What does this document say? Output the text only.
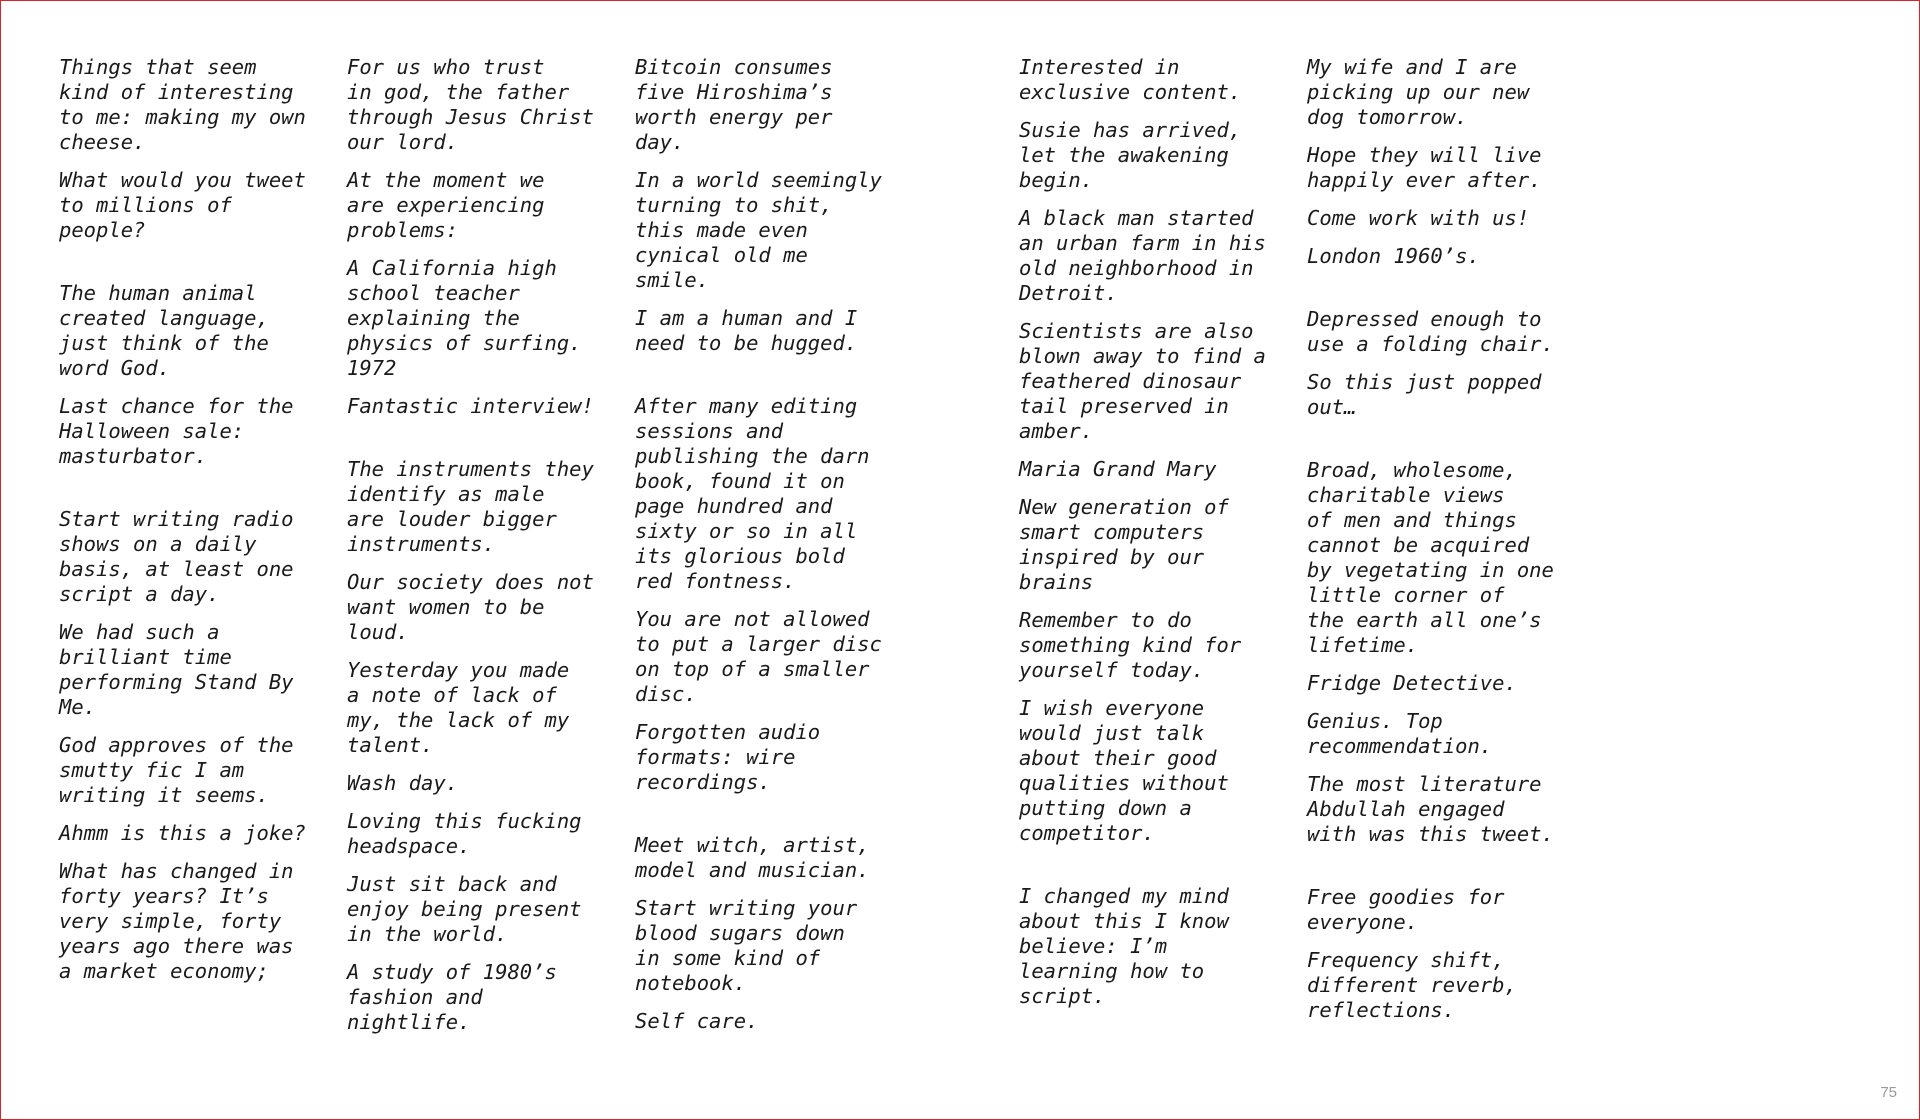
Things that seem
kind of interesting
to me: making my own
cheese.

What would you tweet
to millions of
people?

The human animal
created language,
just think of the
word God.

Last chance for the
Halloween sale:
masturbator.

Start writing radio
shows on a daily
basis, at least one
script a day.

We had such a
brilliant time
performing Stand By
Me.

God approves of the
smutty fic I am
writing it seems.

Ahmm is this a joke?

What has changed in
forty years? It’s
very simple, forty
years ago there was
a market economy;

For us who trust
in god, the father
through Jesus Christ
our lord.

At the moment we
are experiencing
problems:

A California high
school teacher
explaining the
physics of surfing.
1972

Fantastic interview!

The instruments they
identify as male
are louder bigger
instruments.

Our society does not
want women to be
loud.

Yesterday you made
a note of lack of
my, the lack of my
talent.

Wash day.

Loving this fucking
headspace.

Just sit back and
enjoy being present
in the world.

A study of 1980’s
fashion and
nightlife.

Bitcoin consumes
five Hiroshima’s
worth energy per
day.

In a world seemingly
turning to shit,
this made even
cynical old me
smile.

I am a human and I
need to be hugged.

After many editing
sessions and
publishing the darn
book, found it on
page hundred and
sixty or so in all
its glorious bold
red fontness.

You are not allowed
to put a larger disc
on top of a smaller
disc.

Forgotten audio
formats: wire
recordings.

Meet witch, artist,
model and musician.

Start writing your
blood sugars down
in some kind of
notebook.

Self care.

Interested in
exclusive content.

Susie has arrived,
let the awakening
begin.

A black man started
an urban farm in his
old neighborhood in
Detroit.

Scientists are also
blown away to find a
feathered dinosaur
tail preserved in
amber.

Maria Grand Mary

New generation of
smart computers
inspired by our
brains

Remember to do
something kind for
yourself today.

I wish everyone
would just talk
about their good
qualities without
putting down a
competitor.

I changed my mind
about this I know
believe: I’m
learning how to
script.

My wife and I are
picking up our new
dog tomorrow.

Hope they will live
happily ever after.

Come work with us!

London 1960’s.

Depressed enough to
use a folding chair.

So this just popped
out…

Broad, wholesome,
charitable views
of men and things
cannot be acquired
by vegetating in one
little corner of
the earth all one’s
lifetime.

Fridge Detective.

Genius. Top
recommendation.

The most literature
Abdullah engaged
with was this tweet.

Free goodies for
everyone.

Frequency shift,
different reverb,
reflections.

75
